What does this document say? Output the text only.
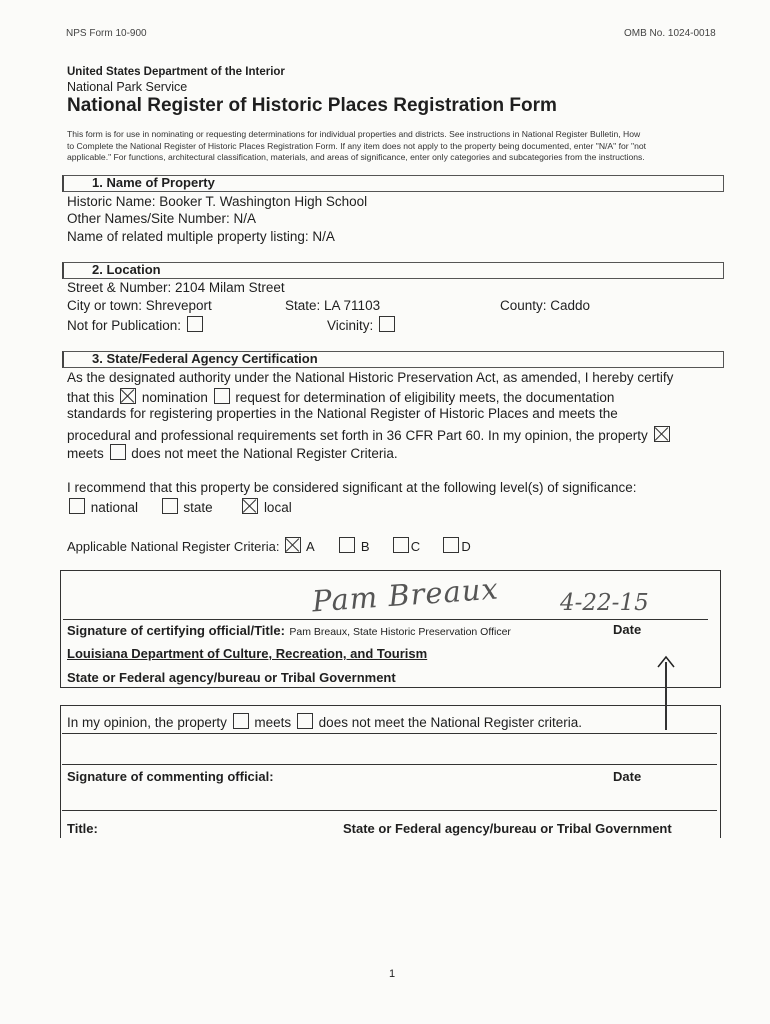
NPS Form 10-900	OMB No. 1024-0018
United States Department of the Interior
National Park Service
National Register of Historic Places Registration Form
This form is for use in nominating or requesting determinations for individual properties and districts. See instructions in National Register Bulletin, How
to Complete the National Register of Historic Places Registration Form. If any item does not apply to the property being documented, enter "N/A" for "not
applicable." For functions, architectural classification, materials, and areas of significance, enter only categories and subcategories from the instructions.
1. Name of Property
Historic Name: Booker T. Washington High School
Other Names/Site Number: N/A
Name of related multiple property listing: N/A
2. Location
Street & Number: 2104 Milam Street
City or town: Shreveport	State: LA 71103	County: Caddo
Not for Publication:	Vicinity:
3. State/Federal Agency Certification
As the designated authority under the National Historic Preservation Act, as amended, I hereby certify
that this nomination request for determination of eligibility meets, the documentation
standards for registering properties in the National Register of Historic Places and meets the
procedural and professional requirements set forth in 36 CFR Part 60. In my opinion, the property
meets does not meet the National Register Criteria.
I recommend that this property be considered significant at the following level(s) of significance:
national	state	local
Applicable National Register Criteria: A	B	C	D
Pam Breaux	4-22-15
Signature of certifying official/Title: Pam Breaux, State Historic Preservation Officer	Date
Louisiana Department of Culture, Recreation, and Tourism
State or Federal agency/bureau or Tribal Government
In my opinion, the property meets does not meet the National Register criteria.
Signature of commenting official:	Date
Title:	State or Federal agency/bureau or Tribal Government
1
